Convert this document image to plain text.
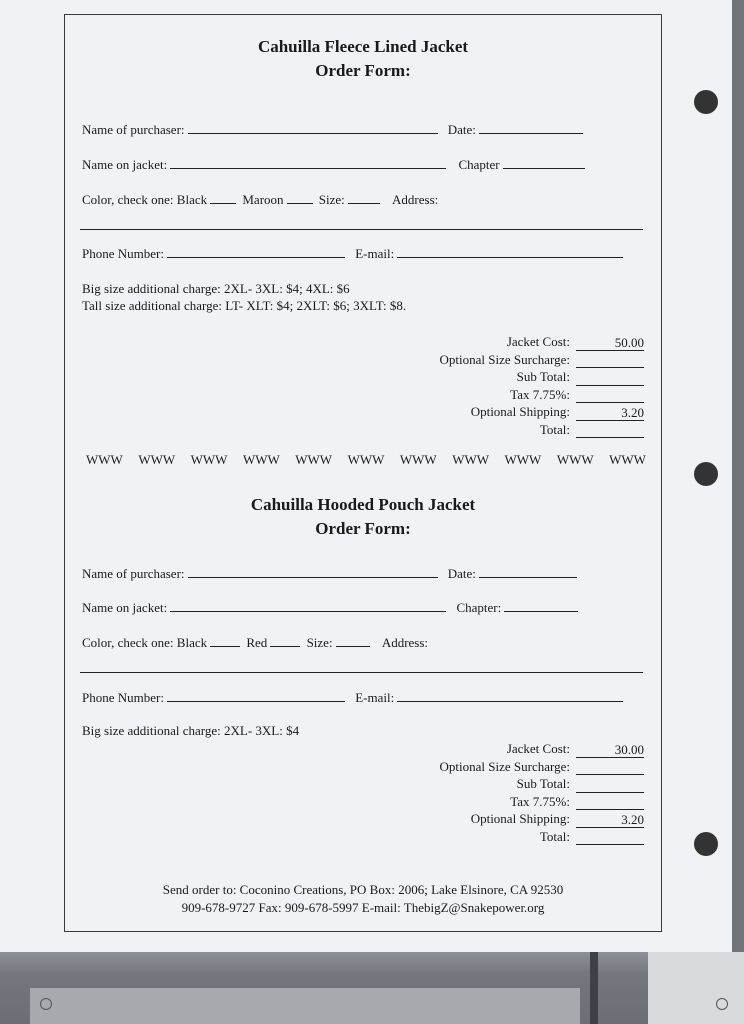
Cahuilla Fleece Lined Jacket
Order Form:
Name of purchaser:	Date:
Name on jacket:	Chapter
Color, check one: Black	Maroon	Size:	Address:
Phone Number:	E-mail:
Big size additional charge: 2XL- 3XL: $4; 4XL: $6
Tall size additional charge: LT- XLT: $4; 2XLT: $6; 3XLT: $8.
Jacket Cost:	50.00
Optional Size Surcharge:
Sub Total:
Tax 7.75%:
Optional Shipping:	3.20
Total:
WWW WWW WWW WWW WWW WWW WWW WWW WWW WWW WWW
Cahuilla Hooded Pouch Jacket
Order Form:
Name of purchaser:	Date:
Name on jacket:	Chapter:
Color, check one: Black	Red	Size:	Address:
Phone Number:	E-mail:
Big size additional charge: 2XL- 3XL: $4
Jacket Cost:	30.00
Optional Size Surcharge:
Sub Total:
Tax 7.75%:
Optional Shipping:	3.20
Total:
Send order to: Coconino Creations, PO Box: 2006; Lake Elsinore, CA 92530
909-678-9727 Fax: 909-678-5997 E-mail: ThebigZ@Snakepower.org
